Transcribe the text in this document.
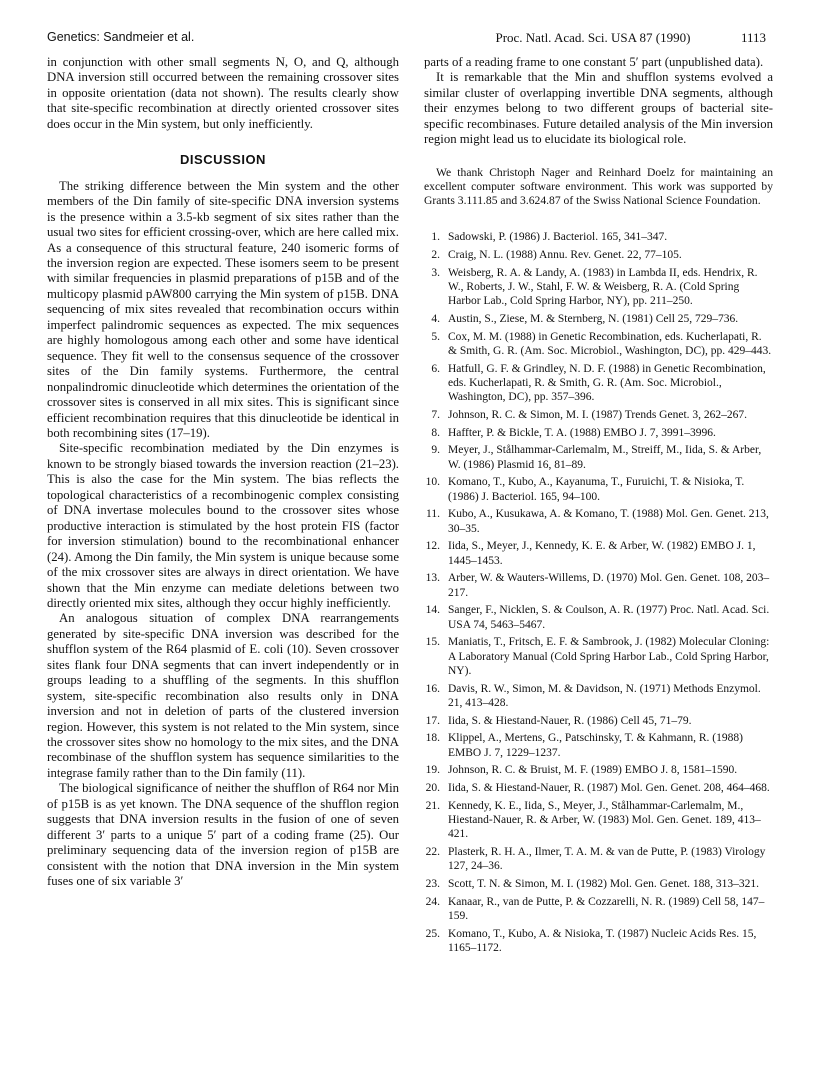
Genetics: Sandmeier et al.	Proc. Natl. Acad. Sci. USA 87 (1990)	1113

in conjunction with other small segments N, O, and Q, although DNA inversion still occurred between the remaining crossover sites in opposite orientation (data not shown). The results clearly show that site-specific recombination at directly oriented crossover sites does occur in the Min system, but only inefficiently.

DISCUSSION

The striking difference between the Min system and the other members of the Din family of site-specific DNA inversion systems is the presence within a 3.5-kb segment of six sites rather than the usual two sites for efficient crossing-over, which are here called mix. As a consequence of this structural feature, 240 isomeric forms of the inversion region are expected. These isomers seem to be present with similar frequencies in plasmid preparations of p15B and of the multicopy plasmid pAW800 carrying the Min system of p15B. DNA sequencing of mix sites revealed that recombination occurs within imperfect palindromic sequences as expected. The mix sequences are highly homologous among each other and some have identical sequence. They fit well to the consensus sequence of the crossover sites of the Din family systems. Furthermore, the central nonpalindromic dinucleotide which determines the orientation of the crossover sites is conserved in all mix sites. This is significant since efficient recombination requires that this dinucleotide be identical in both recombining sites (17–19).

Site-specific recombination mediated by the Din enzymes is known to be strongly biased towards the inversion reaction (21–23). This is also the case for the Min system. The bias reflects the topological characteristics of a recombinogenic complex consisting of DNA invertase molecules bound to the crossover sites whose productive interaction is stimulated by the host protein FIS (factor for inversion stimulation) bound to the recombinational enhancer (24). Among the Din family, the Min system is unique because some of the mix crossover sites are always in direct orientation. We have shown that the Min enzyme can mediate deletions between two directly oriented mix sites, although they occur highly inefficiently.

An analogous situation of complex DNA rearrangements generated by site-specific DNA inversion was described for the shufflon system of the R64 plasmid of E. coli (10). Seven crossover sites flank four DNA segments that can invert independently or in groups leading to a shuffling of the segments. In this shufflon system, site-specific recombination also results only in DNA inversion and not in deletion of parts of the clustered inversion region. However, this system is not related to the Min system, since the crossover sites show no homology to the mix sites, and the DNA recombinase of the shufflon system has sequence similarities to the integrase family rather than to the Din family (11).

The biological significance of neither the shufflon of R64 nor Min of p15B is as yet known. The DNA sequence of the shufflon region suggests that DNA inversion results in the fusion of one of seven different 3′ parts to a unique 5′ part of a coding frame (25). Our preliminary sequencing data of the inversion region of p15B are consistent with the notion that DNA inversion in the Min system fuses one of six variable 3′

parts of a reading frame to one constant 5′ part (unpublished data).

It is remarkable that the Min and shufflon systems evolved a similar cluster of overlapping invertible DNA segments, although their enzymes belong to two different groups of bacterial site-specific recombinases. Future detailed analysis of the Min inversion region might lead us to elucidate its biological role.

We thank Christoph Nager and Reinhard Doelz for maintaining an excellent computer software environment. This work was supported by Grants 3.111.85 and 3.624.87 of the Swiss National Science Foundation.

1. Sadowski, P. (1986) J. Bacteriol. 165, 341–347.
2. Craig, N. L. (1988) Annu. Rev. Genet. 22, 77–105.
3. Weisberg, R. A. & Landy, A. (1983) in Lambda II, eds. Hendrix, R. W., Roberts, J. W., Stahl, F. W. & Weisberg, R. A. (Cold Spring Harbor Lab., Cold Spring Harbor, NY), pp. 211–250.
4. Austin, S., Ziese, M. & Sternberg, N. (1981) Cell 25, 729–736.
5. Cox, M. M. (1988) in Genetic Recombination, eds. Kucherlapati, R. & Smith, G. R. (Am. Soc. Microbiol., Washington, DC), pp. 429–443.
6. Hatfull, G. F. & Grindley, N. D. F. (1988) in Genetic Recombination, eds. Kucherlapati, R. & Smith, G. R. (Am. Soc. Microbiol., Washington, DC), pp. 357–396.
7. Johnson, R. C. & Simon, M. I. (1987) Trends Genet. 3, 262–267.
8. Haffter, P. & Bickle, T. A. (1988) EMBO J. 7, 3991–3996.
9. Meyer, J., Stålhammar-Carlemalm, M., Streiff, M., Iida, S. & Arber, W. (1986) Plasmid 16, 81–89.
10. Komano, T., Kubo, A., Kayanuma, T., Furuichi, T. & Nisioka, T. (1986) J. Bacteriol. 165, 94–100.
11. Kubo, A., Kusukawa, A. & Komano, T. (1988) Mol. Gen. Genet. 213, 30–35.
12. Iida, S., Meyer, J., Kennedy, K. E. & Arber, W. (1982) EMBO J. 1, 1445–1453.
13. Arber, W. & Wauters-Willems, D. (1970) Mol. Gen. Genet. 108, 203–217.
14. Sanger, F., Nicklen, S. & Coulson, A. R. (1977) Proc. Natl. Acad. Sci. USA 74, 5463–5467.
15. Maniatis, T., Fritsch, E. F. & Sambrook, J. (1982) Molecular Cloning: A Laboratory Manual (Cold Spring Harbor Lab., Cold Spring Harbor, NY).
16. Davis, R. W., Simon, M. & Davidson, N. (1971) Methods Enzymol. 21, 413–428.
17. Iida, S. & Hiestand-Nauer, R. (1986) Cell 45, 71–79.
18. Klippel, A., Mertens, G., Patschinsky, T. & Kahmann, R. (1988) EMBO J. 7, 1229–1237.
19. Johnson, R. C. & Bruist, M. F. (1989) EMBO J. 8, 1581–1590.
20. Iida, S. & Hiestand-Nauer, R. (1987) Mol. Gen. Genet. 208, 464–468.
21. Kennedy, K. E., Iida, S., Meyer, J., Stålhammar-Carlemalm, M., Hiestand-Nauer, R. & Arber, W. (1983) Mol. Gen. Genet. 189, 413–421.
22. Plasterk, R. H. A., Ilmer, T. A. M. & van de Putte, P. (1983) Virology 127, 24–36.
23. Scott, T. N. & Simon, M. I. (1982) Mol. Gen. Genet. 188, 313–321.
24. Kanaar, R., van de Putte, P. & Cozzarelli, N. R. (1989) Cell 58, 147–159.
25. Komano, T., Kubo, A. & Nisioka, T. (1987) Nucleic Acids Res. 15, 1165–1172.
